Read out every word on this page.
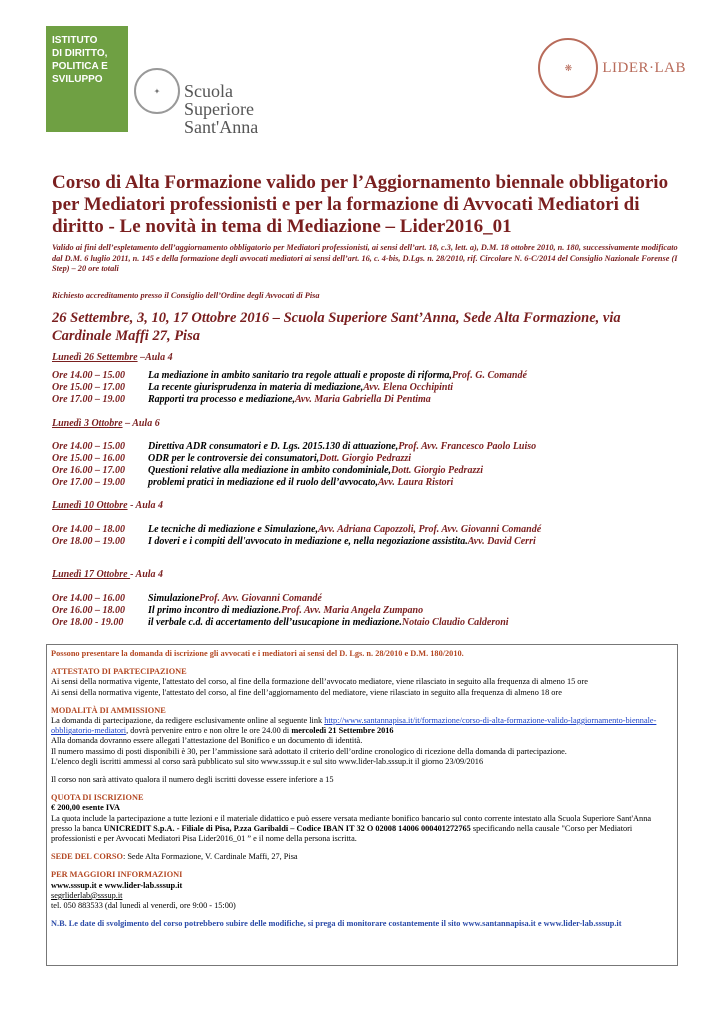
ISTITUTO
DI DIRITTO,
POLITICA E
SVILUPPO
✦	Scuola Superiore
Sant'Anna
❋	LIDER·LAB
Corso di Alta Formazione valido per l’Aggiornamento biennale obbligatorio per Mediatori professionisti e per la formazione di Avvocati Mediatori di diritto - Le novità in tema di Mediazione – Lider2016_01

Valido ai fini dell’espletamento dell’aggiornamento obbligatorio per Mediatori professionisti, ai sensi dell’art. 18, c.3, lett. a), D.M. 18 ottobre 2010, n. 180, successivamente modificato dal D.M. 6 luglio 2011, n. 145 e della formazione degli avvocati mediatori ai sensi dell’art. 16, c. 4-bis, D.Lgs. n. 28/2010, rif. Circolare N. 6-C/2014 del Consiglio Nazionale Forense (I Step) – 20 ore totali

Richiesto accreditamento presso il Consiglio dell’Ordine degli Avvocati di Pisa

26 Settembre, 3, 10, 17 Ottobre 2016 – Scuola Superiore Sant’Anna, Sede Alta Formazione, via Cardinale Maffi 27, Pisa

Lunedì 26 Settembre –Aula 4
Ore 14.00 – 15.00	La mediazione in ambito sanitario tra regole attuali e proposte di riforma, Prof. G. Comandé
Ore 15.00 – 17.00	La recente giurisprudenza in materia di mediazione, Avv. Elena Occhipinti
Ore 17.00 – 19.00	Rapporti tra processo e mediazione, Avv. Maria Gabriella Di Pentima
Lunedì 3 Ottobre – Aula 6
Ore 14.00 – 15.00	Direttiva ADR consumatori e D. Lgs. 2015.130 di attuazione, Prof. Avv. Francesco Paolo Luiso
Ore 15.00 – 16.00	ODR per le controversie dei consumatori, Dott. Giorgio Pedrazzi
Ore 16.00 – 17.00	Questioni relative alla mediazione in ambito condominiale, Dott. Giorgio Pedrazzi
Ore 17.00 – 19.00	problemi pratici in mediazione ed il ruolo dell’avvocato, Avv. Laura Ristori
Lunedì 10 Ottobre - Aula 4
Ore 14.00 – 18.00	Le tecniche di mediazione e Simulazione, Avv. Adriana Capozzoli, Prof. Avv. Giovanni Comandé
Ore 18.00 – 19.00	I doveri e i compiti dell'avvocato in mediazione e, nella negoziazione assistita. Avv. David Cerri
Lunedì 17 Ottobre - Aula 4
Ore 14.00 – 16.00	Simulazione Prof. Avv. Giovanni Comandé
Ore 16.00 – 18.00	Il primo incontro di mediazione. Prof. Avv. Maria Angela Zumpano
Ore 18.00 - 19.00	il verbale c.d. di accertamento dell’usucapione in mediazione. Notaio Claudio Calderoni

Possono presentare la domanda di iscrizione gli avvocati e i mediatori ai sensi del D. Lgs. n. 28/2010 e D.M. 180/2010.

ATTESTATO DI PARTECIPAZIONE

Ai sensi della normativa vigente, l'attestato del corso, al fine della formazione dell’avvocato mediatore, viene rilasciato in seguito alla frequenza di almeno 15 ore

Ai sensi della normativa vigente, l'attestato del corso, al fine dell’aggiornamento del mediatore, viene rilasciato in seguito alla frequenza di almeno 18 ore

MODALITÀ DI AMMISSIONE

La domanda di partecipazione, da redigere esclusivamente online al seguente link http://www.santannapisa.it/it/formazione/corso-di-alta-formazione-valido-laggiornamento-biennale-obbligatorio-mediatori, dovrà pervenire entro e non oltre le ore 24.00 di mercoledì 21 Settembre 2016

Alla domanda dovranno essere allegati l’attestazione del Bonifico e un documento di identità.

Il numero massimo di posti disponibili è 30, per l’ammissione sarà adottato il criterio dell’ordine cronologico di ricezione della domanda di partecipazione.

L'elenco degli iscritti ammessi al corso sarà pubblicato sul sito www.sssup.it e sul sito www.lider-lab.sssup.it il giorno 23/09/2016

Il corso non sarà attivato qualora il numero degli iscritti dovesse essere inferiore a 15

QUOTA DI ISCRIZIONE

€ 200,00 esente IVA

La quota include la partecipazione a tutte lezioni e il materiale didattico e può essere versata mediante bonifico bancario sul conto corrente intestato alla Scuola Superiore Sant'Anna

presso la banca UNICREDIT S.p.A. - Filiale di Pisa, P.zza Garibaldi – Codice IBAN IT 32 O 02008 14006 000401272765 specificando nella causale "Corso per Mediatori

professionisti e per Avvocati Mediatori Pisa Lider2016_01 ” e il nome della persona iscritta.

SEDE DEL CORSO: Sede Alta Formazione, V. Cardinale Maffi, 27, Pisa

PER MAGGIORI INFORMAZIONI

www.sssup.it e www.lider-lab.sssup.it

segrliderlab@sssup.it

tel. 050 883533 (dal lunedì al venerdì, ore 9:00 - 15:00)

N.B. Le date di svolgimento del corso potrebbero subire delle modifiche, si prega di monitorare costantemente il sito www.santannapisa.it e www.lider-lab.sssup.it
